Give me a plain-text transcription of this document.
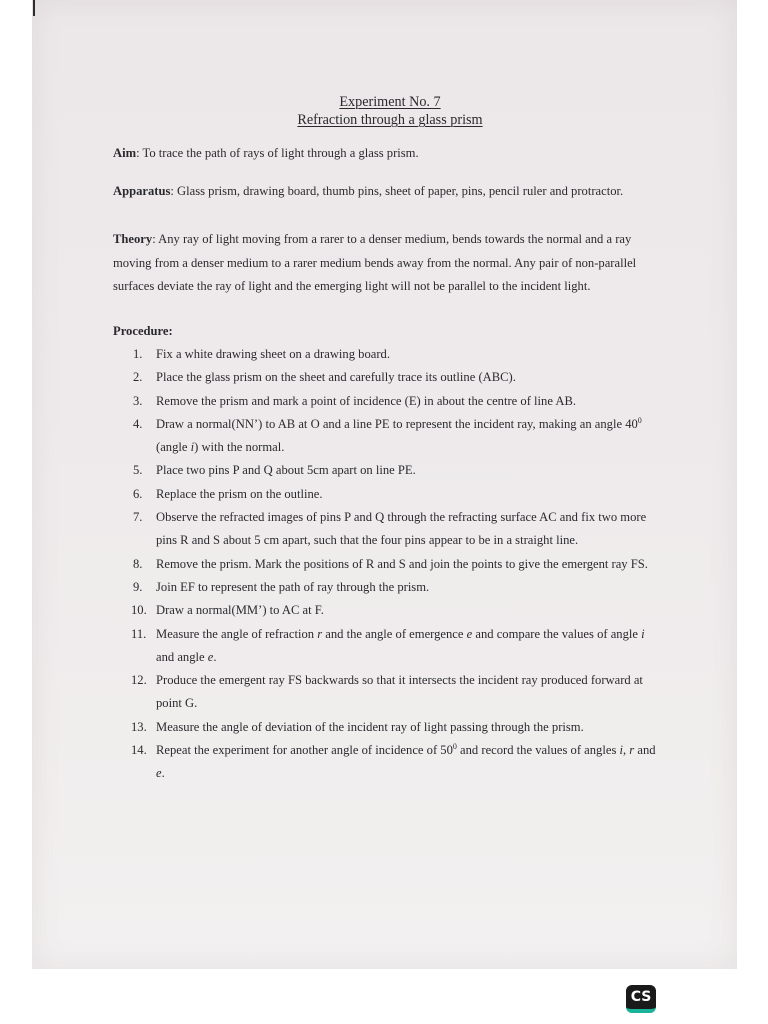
Experiment No. 7
Refraction through a glass prism

Aim: To trace the path of rays of light through a glass prism.

Apparatus: Glass prism, drawing board, thumb pins, sheet of paper, pins, pencil ruler and protractor.

Theory: Any ray of light moving from a rarer to a denser medium, bends towards the normal and a ray moving from a denser medium to a rarer medium bends away from the normal. Any pair of non-parallel surfaces deviate the ray of light and the emerging light will not be parallel to the incident light.

Procedure:

1. Fix a white drawing sheet on a drawing board.
2. Place the glass prism on the sheet and carefully trace its outline (ABC).
3. Remove the prism and mark a point of incidence (E) in about the centre of line AB.
4. Draw a normal(NN’) to AB at O and a line PE to represent the incident ray, making an angle $40^0$ (angle i) with the normal.
5. Place two pins P and Q about 5cm apart on line PE.
6. Replace the prism on the outline.
7. Observe the refracted images of pins P and Q through the refracting surface AC and fix two more pins R and S about 5 cm apart, such that the four pins appear to be in a straight line.
8. Remove the prism. Mark the positions of R and S and join the points to give the emergent ray FS.
9. Join EF to represent the path of ray through the prism.
10. Draw a normal(MM’) to AC at F.
11. Measure the angle of refraction r and the angle of emergence e and compare the values of angle i and angle e.
12. Produce the emergent ray FS backwards so that it intersects the incident ray produced forward at point G.
13. Measure the angle of deviation of the incident ray of light passing through the prism.
14. Repeat the experiment for another angle of incidence of $50^0$ and record the values of angles i, r and e.
CS
